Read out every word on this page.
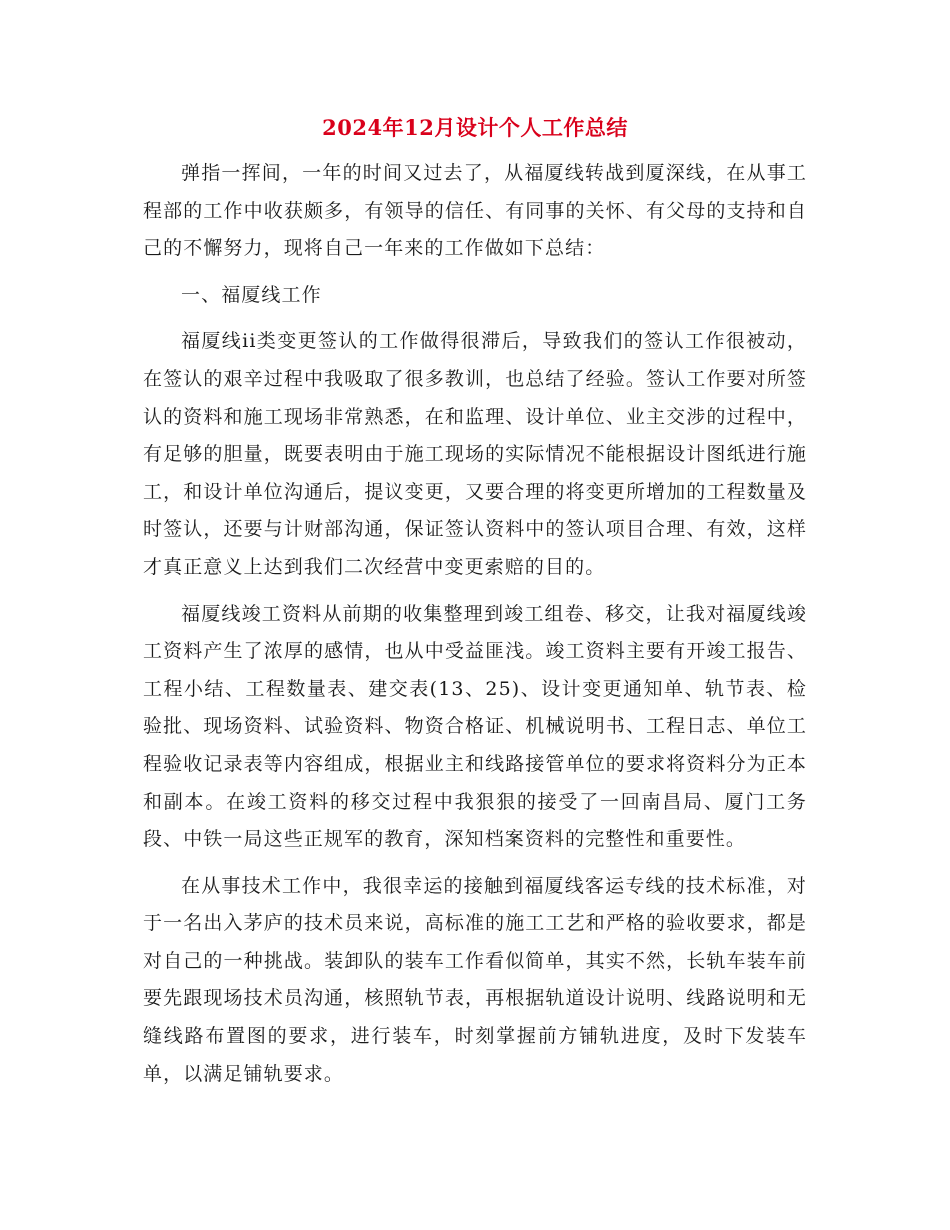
2024年12月设计个人工作总结

弹指一挥间，一年的时间又过去了，从福厦线转战到厦深线，在从事工程部的工作中收获颇多，有领导的信任、有同事的关怀、有父母的支持和自己的不懈努力，现将自己一年来的工作做如下总结：

一、福厦线工作

福厦线ii类变更签认的工作做得很滞后，导致我们的签认工作很被动，在签认的艰辛过程中我吸取了很多教训，也总结了经验。签认工作要对所签认的资料和施工现场非常熟悉，在和监理、设计单位、业主交涉的过程中，有足够的胆量，既要表明由于施工现场的实际情况不能根据设计图纸进行施工，和设计单位沟通后，提议变更，又要合理的将变更所增加的工程数量及时签认，还要与计财部沟通，保证签认资料中的签认项目合理、有效，这样才真正意义上达到我们二次经营中变更索赔的目的。

福厦线竣工资料从前期的收集整理到竣工组卷、移交，让我对福厦线竣工资料产生了浓厚的感情，也从中受益匪浅。竣工资料主要有开竣工报告、工程小结、工程数量表、建交表(13、25)、设计变更通知单、轨节表、检验批、现场资料、试验资料、物资合格证、机械说明书、工程日志、单位工程验收记录表等内容组成，根据业主和线路接管单位的要求将资料分为正本和副本。在竣工资料的移交过程中我狠狠的接受了一回南昌局、厦门工务段、中铁一局这些正规军的教育，深知档案资料的完整性和重要性。

在从事技术工作中，我很幸运的接触到福厦线客运专线的技术标准，对于一名出入茅庐的技术员来说，高标准的施工工艺和严格的验收要求，都是对自己的一种挑战。装卸队的装车工作看似简单，其实不然，长轨车装车前要先跟现场技术员沟通，核照轨节表，再根据轨道设计说明、线路说明和无缝线路布置图的要求，进行装车，时刻掌握前方铺轨进度，及时下发装车单，以满足铺轨要求。
